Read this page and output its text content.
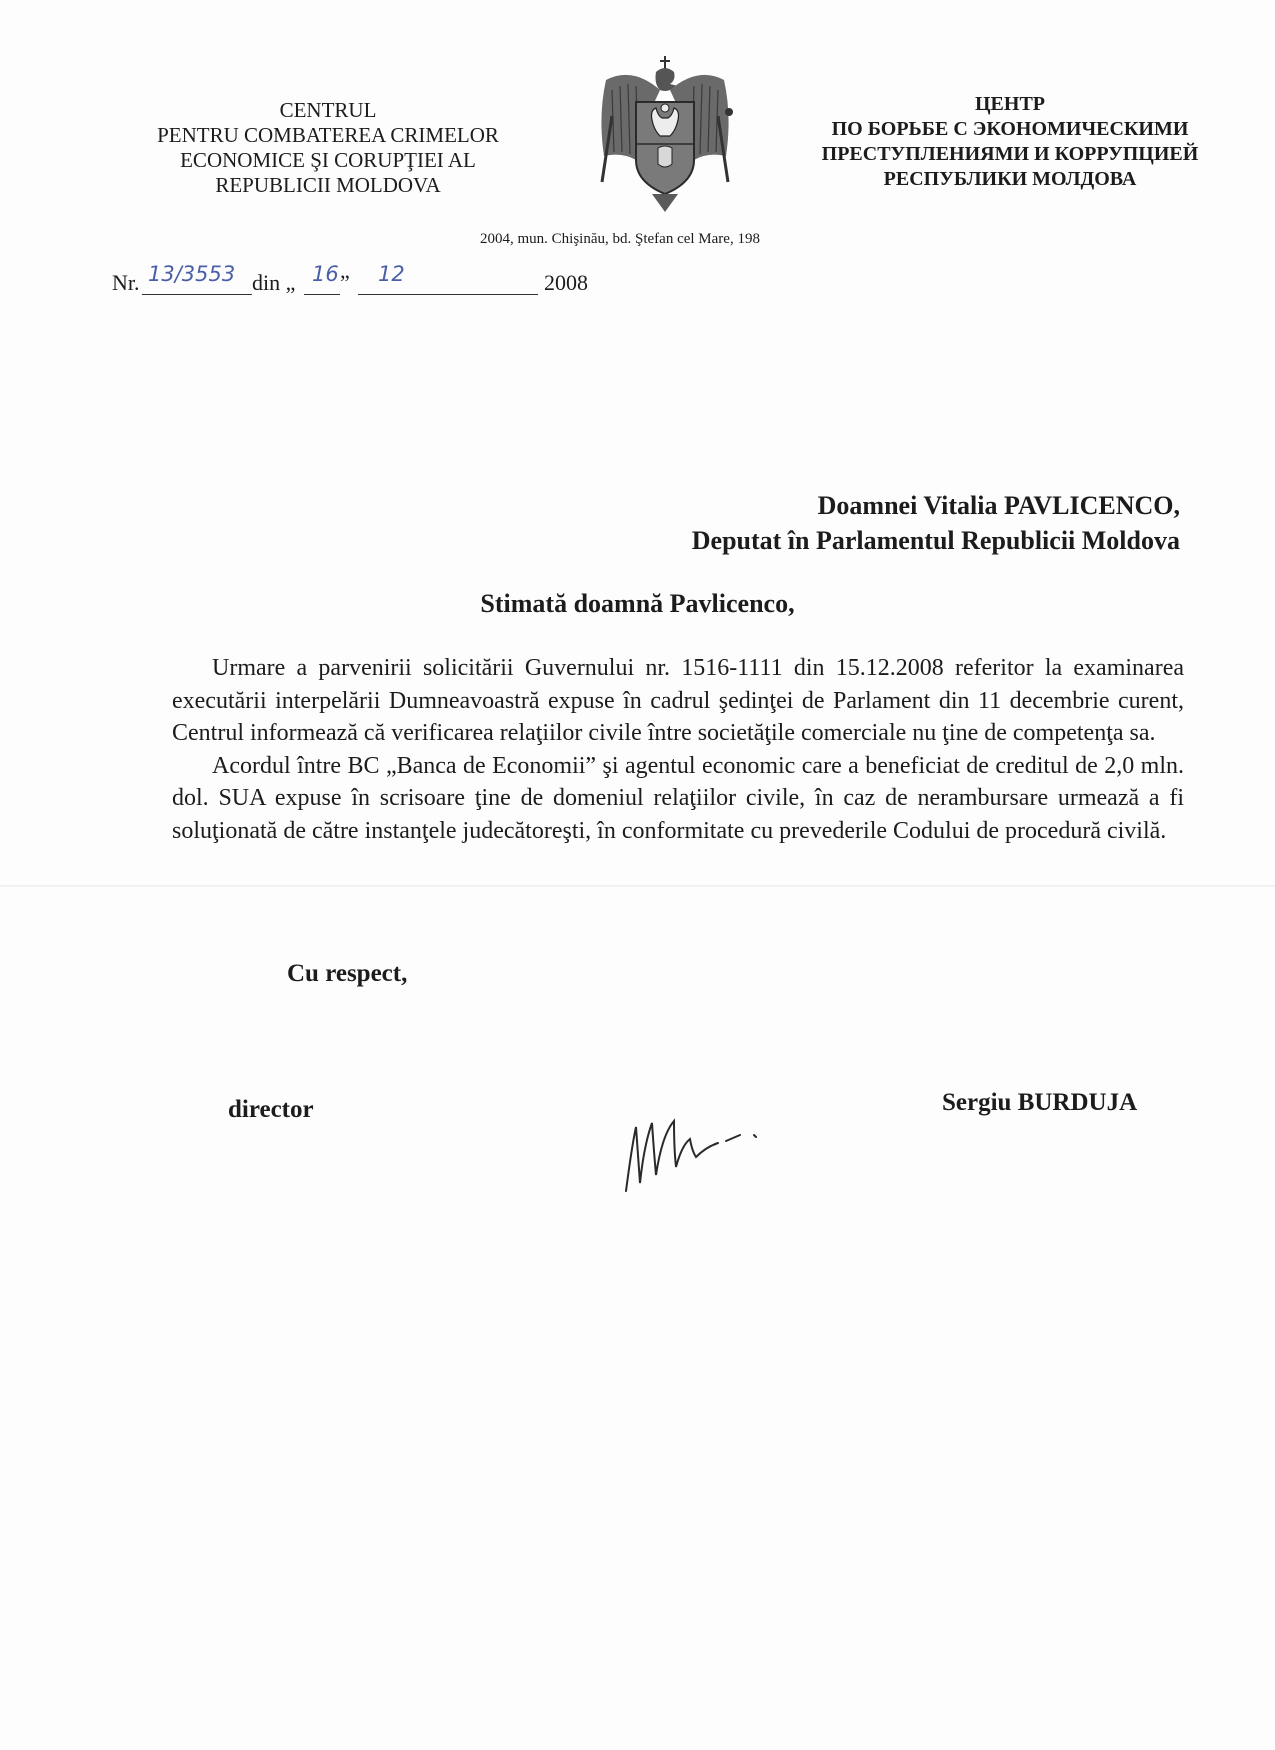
CENTRUL
PENTRU COMBATEREA CRIMELOR
ECONOMICE ŞI CORUPŢIEI AL
REPUBLICII MOLDOVA
ЦЕНТР
ПО БОРЬБЕ С ЭКОНОМИЧЕСКИМИ
ПРЕСТУПЛЕНИЯМИ И КОРРУПЦИЕЙ
РЕСПУБЛИКИ МОЛДОВА
2004, mun. Chişinău, bd. Ştefan cel Mare, 198
Nr. 13/3553 din „ 16 ” 12	2008
Doamnei Vitalia PAVLICENCO,
Deputat în Parlamentul Republicii Moldova
Stimată doamnă Pavlicenco,

Urmare a parvenirii solicitării Guvernului nr. 1516-1111 din 15.12.2008 referitor la examinarea executării interpelării Dumneavoastră expuse în cadrul şedinţei de Parlament din 11 decembrie curent, Centrul informează că verificarea relaţiilor civile între societăţile comerciale nu ţine de competenţa sa.

Acordul între BC „Banca de Economii” şi agentul economic care a beneficiat de creditul de 2,0 mln. dol. SUA expuse în scrisoare ţine de domeniul relaţiilor civile, în caz de nerambursare urmează a fi soluţionată de către instanţele judecătoreşti, în conformitate cu prevederile Codului de procedură civilă.

Cu respect,
director	Sergiu BURDUJA
